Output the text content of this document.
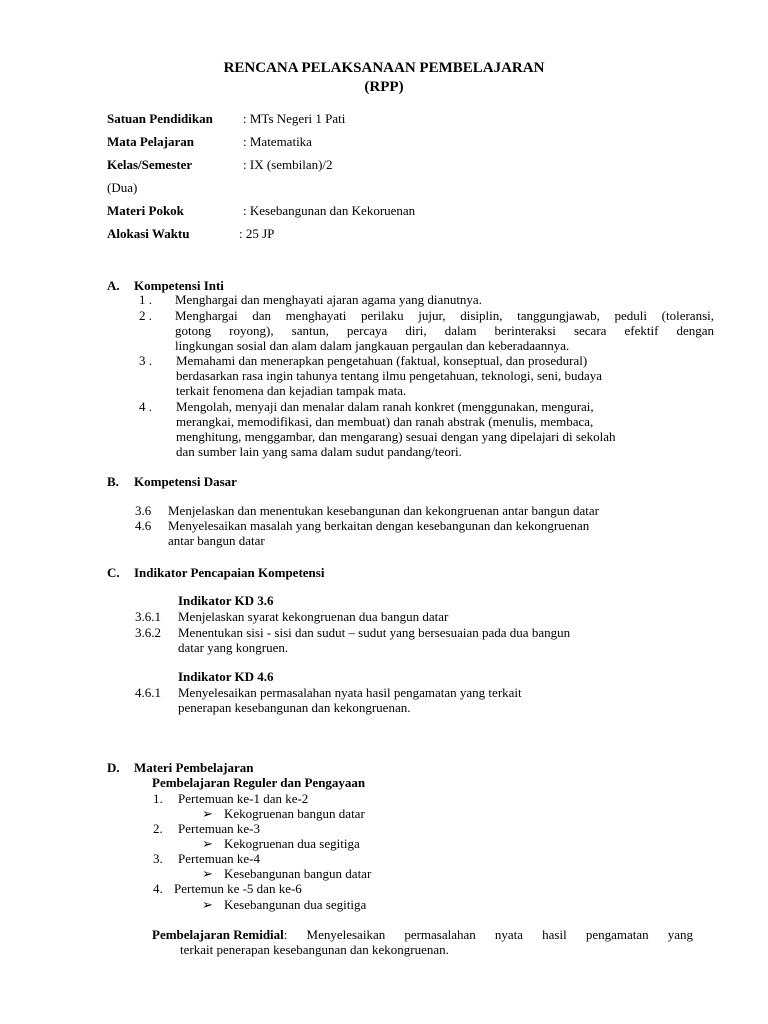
RENCANA PELAKSANAAN PEMBELAJARAN
(RPP)
Satuan Pendidikan : MTs Negeri 1 Pati
Mata Pelajaran	: Matematika
Kelas/Semester	: IX (sembilan)/2
(Dua)
Materi Pokok	: Kesebangunan dan Kekoruenan
Alokasi Waktu	: 25 JP
A. Kompetensi Inti
1 . Menghargai dan menghayati ajaran agama yang dianutnya.
2 . Menghargai dan menghayati perilaku jujur, disiplin, tanggungjawab, peduli (toleransi,
gotong royong), santun, percaya diri, dalam berinteraksi secara efektif dengan
lingkungan sosial dan alam dalam jangkauan pergaulan dan keberadaannya.
3 . Memahami dan menerapkan pengetahuan (faktual, konseptual, dan prosedural)
berdasarkan rasa ingin tahunya tentang ilmu pengetahuan, teknologi, seni, budaya
terkait fenomena dan kejadian tampak mata.
4 . Mengolah, menyaji dan menalar dalam ranah konkret (menggunakan, mengurai,
merangkai, memodifikasi, dan membuat) dan ranah abstrak (menulis, membaca,
menghitung, menggambar, dan mengarang) sesuai dengan yang dipelajari di sekolah
dan sumber lain yang sama dalam sudut pandang/teori.
B. Kompetensi Dasar
3.6 Menjelaskan dan menentukan kesebangunan dan kekongruenan antar bangun datar
4.6 Menyelesaikan masalah yang berkaitan dengan kesebangunan dan kekongruenan
antar bangun datar
C. Indikator Pencapaian Kompetensi
Indikator KD 3.6
3.6.1 Menjelaskan syarat kekongruenan dua bangun datar
3.6.2 Menentukan sisi - sisi dan sudut – sudut yang bersesuaian pada dua bangun
datar yang kongruen.
Indikator KD 4.6
4.6.1 Menyelesaikan permasalahan nyata hasil pengamatan yang terkait
penerapan kesebangunan dan kekongruenan.
D. Materi Pembelajaran
Pembelajaran Reguler dan Pengayaan
1. Pertemuan ke-1 dan ke-2
➢ Kekogruenan bangun datar
2. Pertemuan ke-3
➢ Kekogruenan dua segitiga
3. Pertemuan ke-4
➢ Kesebangunan bangun datar
4. Pertemun ke -5 dan ke-6
➢ Kesebangunan dua segitiga
Pembelajaran Remidial : Menyelesaikan permasalahan nyata hasil pengamatan yang
terkait penerapan kesebangunan dan kekongruenan.
